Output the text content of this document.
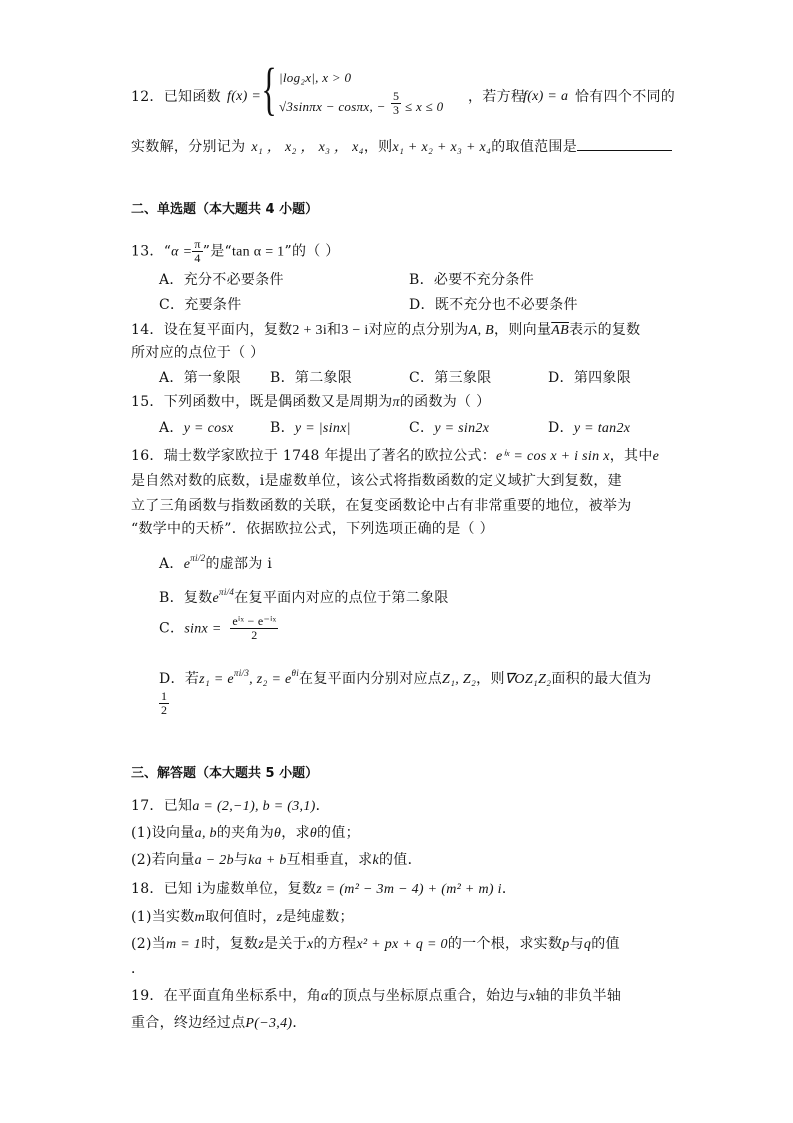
12．已知函数 f(x) = { |log₂x|, x > 0
√3sinπx − cosπx, − $\frac{5}{3} \le x \le 0$
，若方程
f(x) = a 恰有四个不同的
实数解，分别记为 x₁ ， x₂ ， x₃ ， x₄，则x₁ + x₂ + x₃ + x₄的取值范围是
二、单选题（本大题共 4 小题）
13．“$\alpha = \frac{\pi}{4}$ ”是“tan α = 1”的（ ）
A．充分不必要条件	B．必要不充分条件
C．充要条件	D．既不充分也不必要条件
14．设在复平面内，复数2 + 3i和3 − i对应的点分别为A, B，则向量$\overline{AB}$表示的复数
所对应的点位于（ ）
A．第一象限 B．第二象限	C．第三象限	D．第四象限
15．下列函数中，既是偶函数又是周期为π的函数为（ ）
A．y = cosx	B．y = |sinx|	C．y = sin2x	D．y = tan2x
16．瑞士数学家欧拉于 1748 年提出了著名的欧拉公式：eⁱˣ = cos x + i sin x，其中e
是自然对数的底数，i是虚数单位，该公式将指数函数的定义域扩大到复数，建
立了三角函数与指数函数的关联，在复变函数论中占有非常重要的地位，被举为
“数学中的天桥”．依据欧拉公式，下列选项正确的是（ ）
A．$e^{\pi i/2}$的虚部为 i
B．复数$e^{\pi i/4}$在复平面内对应的点位于第二象限
C．$\sin x = \frac{\text{eⁱˣ − e⁻ⁱˣ}}{2}$
D．若$z_1 = e^{\pi i/3}$, $z_2 = e^{\theta i}$在复平面内分别对应点Z₁, Z₂，则∇OZ₁Z₂面积的最大值为
$\frac{1}{2}$
三、解答题（本大题共 5 小题）
17．已知a = (2,−1), b = (3,1)．
(1)设向量a, b的夹角为θ，求θ的值；
(2)若向量a − 2b与ka + b互相垂直，求k的值．
18．已知 i为虚数单位，复数z = (m² − 3m − 4) + (m² + m) i．
(1)当实数m取何值时，z是纯虚数；
(2)当m = 1时，复数z是关于x的方程x² + px + q = 0的一个根，求实数p与q的值
．
19．在平面直角坐标系中，角α的顶点与坐标原点重合，始边与x轴的非负半轴
重合，终边经过点P(−3,4)．
